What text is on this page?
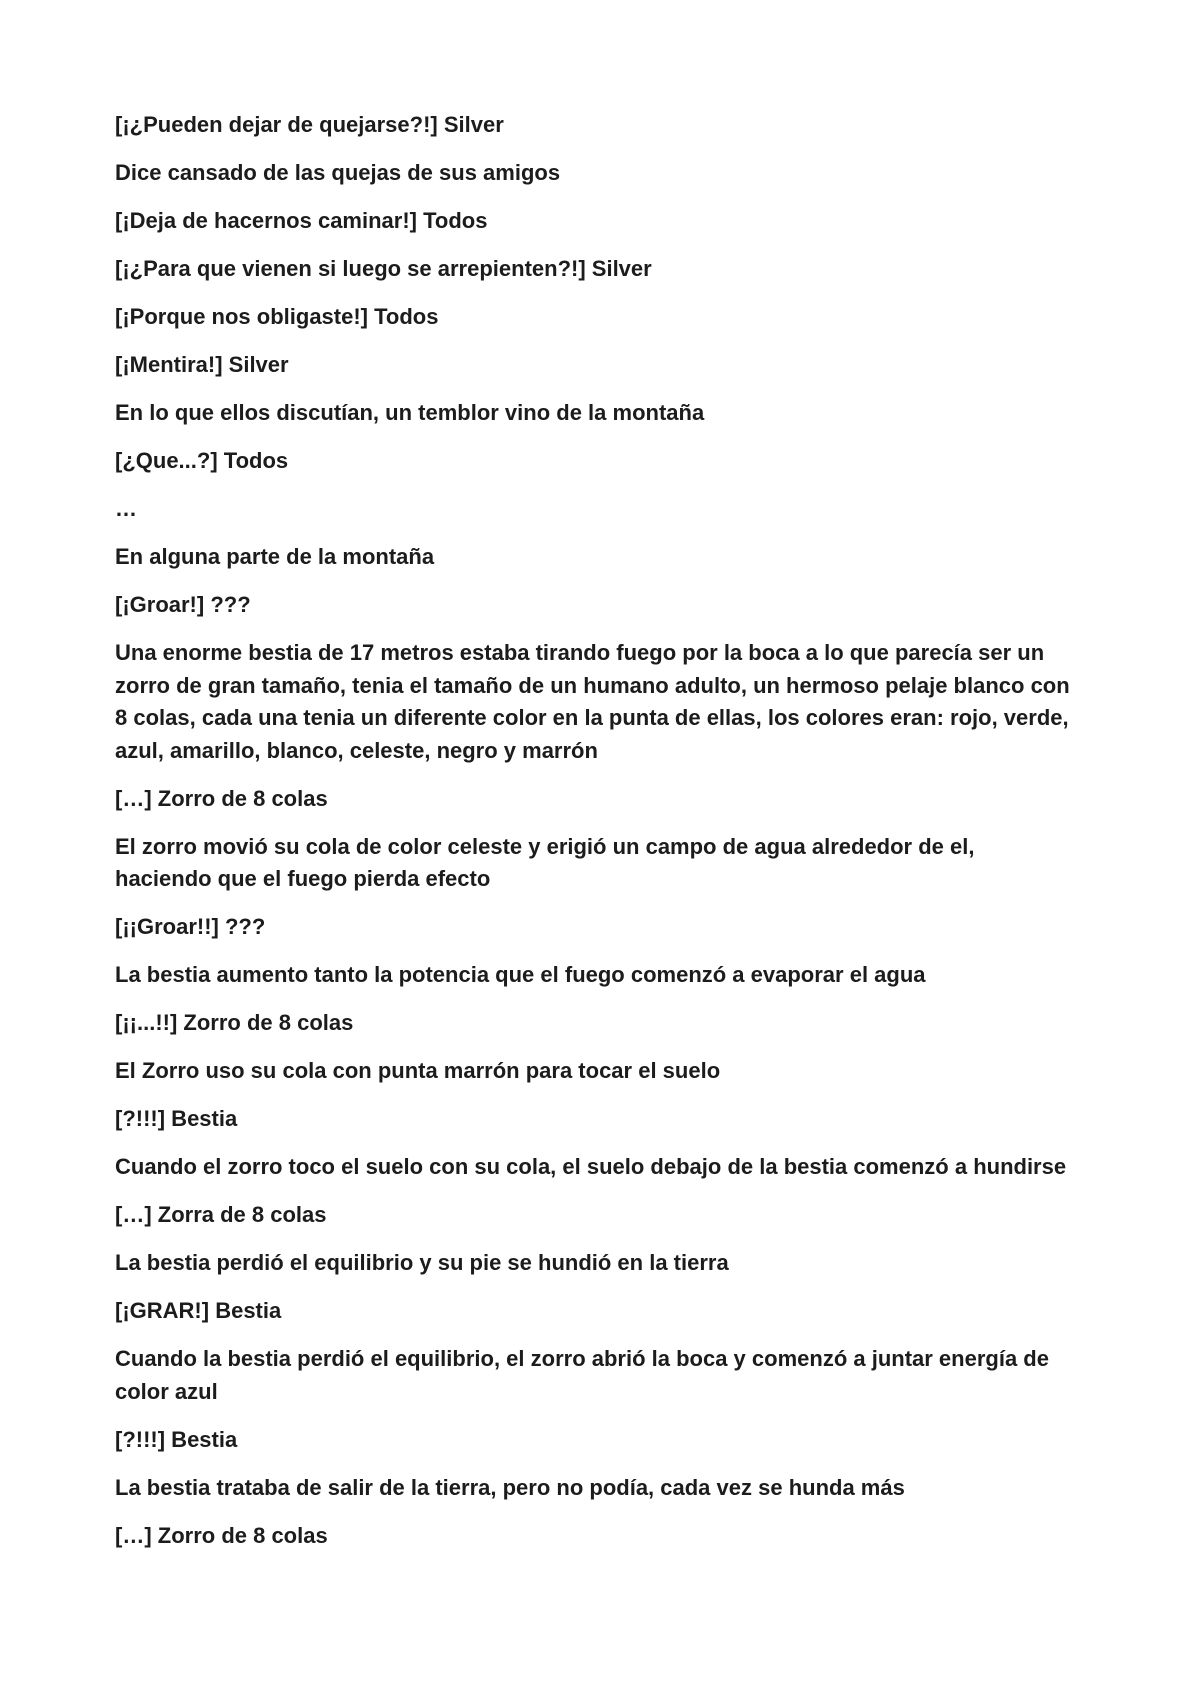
[¡¿Pueden dejar de quejarse?!] Silver

Dice cansado de las quejas de sus amigos

[¡Deja de hacernos caminar!] Todos

[¡¿Para que vienen si luego se arrepienten?!] Silver

[¡Porque nos obligaste!] Todos

[¡Mentira!] Silver

En lo que ellos discutían, un temblor vino de la montaña

[¿Que...?] Todos

…

En alguna parte de la montaña

[¡Groar!] ???

Una enorme bestia de 17 metros estaba tirando fuego por la boca a lo que parecía ser un zorro de gran tamaño, tenia el tamaño de un humano adulto, un hermoso pelaje blanco con 8 colas, cada una tenia un diferente color en la punta de ellas, los colores eran: rojo, verde, azul, amarillo, blanco, celeste, negro y marrón

[…] Zorro de 8 colas

El zorro movió su cola de color celeste y erigió un campo de agua alrededor de el, haciendo que el fuego pierda efecto

[¡¡Groar!!] ???

La bestia aumento tanto la potencia que el fuego comenzó a evaporar el agua

[¡¡...!!] Zorro de 8 colas

El Zorro uso su cola con punta marrón para tocar el suelo

[?!!!] Bestia

Cuando el zorro toco el suelo con su cola, el suelo debajo de la bestia comenzó a hundirse

[…] Zorra de 8 colas

La bestia perdió el equilibrio y su pie se hundió en la tierra

[¡GRAR!] Bestia

Cuando la bestia perdió el equilibrio, el zorro abrió la boca y comenzó a juntar energía de color azul

[?!!!] Bestia

La bestia trataba de salir de la tierra, pero no podía, cada vez se hunda más

[…] Zorro de 8 colas
